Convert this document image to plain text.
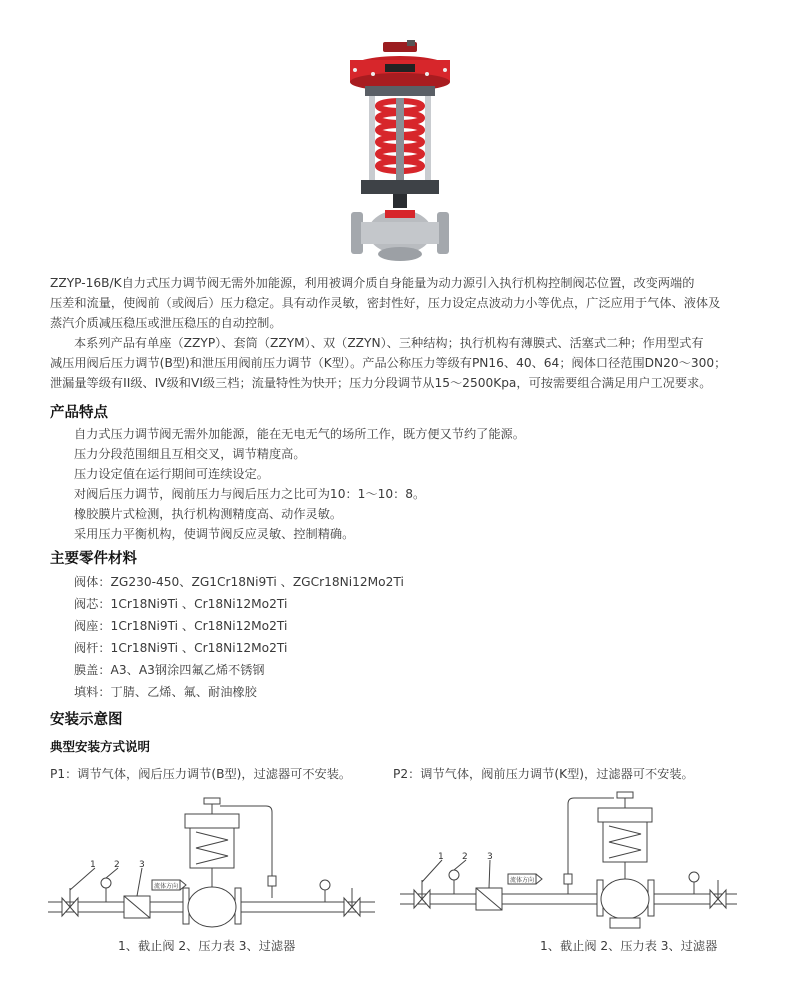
ZZYP-16B/K自力式压力调节阀无需外加能源，利用被调介质自身能量为动力源引入执行机构控制阀芯位置，改变两端的
压差和流量，使阀前（或阀后）压力稳定。具有动作灵敏，密封性好，压力设定点波动力小等优点，广泛应用于气体、液体及
蒸汽介质减压稳压或泄压稳压的自动控制。
本系列产品有单座（ZZYP）、套筒（ZZYM）、双（ZZYN）、三种结构；执行机构有薄膜式、活塞式二种；作用型式有
减压用阀后压力调节(B型)和泄压用阀前压力调节（K型）。产品公称压力等级有PN16、40、64；阀体口径范围DN20～300；
泄漏量等级有II级、IV级和VI级三档；流量特性为快开；压力分段调节从15～2500Kpa，可按需要组合满足用户工况要求。

产品特点
自力式压力调节阀无需外加能源，能在无电无气的场所工作，既方便又节约了能源。
压力分段范围细且互相交叉，调节精度高。
压力设定值在运行期间可连续设定。
对阀后压力调节，阀前压力与阀后压力之比可为10：1～10：8。
橡胶膜片式检测，执行机构测精度高、动作灵敏。
采用压力平衡机构，使调节阀反应灵敏、控制精确。
主要零件材料
阀体：ZG230-450、ZG1Cr18Ni9Ti 、ZGCr18Ni12Mo2Ti
阀芯：1Cr18Ni9Ti 、Cr18Ni12Mo2Ti
阀座：1Cr18Ni9Ti 、Cr18Ni12Mo2Ti
阀杆：1Cr18Ni9Ti 、Cr18Ni12Mo2Ti
膜盖：A3、A3钢涂四氟乙烯不锈钢
填料：丁腈、乙烯、氟、耐油橡胶
安装示意图
典型安装方式说明
P1：调节气体，阀后压力调节(B型)，过滤器可不安装。	P2：调节气体，阀前压力调节(K型)，过滤器可不安装。
1 2 3
流体方向
1 2 3
流体方向
1、截止阀 2、压力表 3、过滤器	1、截止阀 2、压力表 3、过滤器
